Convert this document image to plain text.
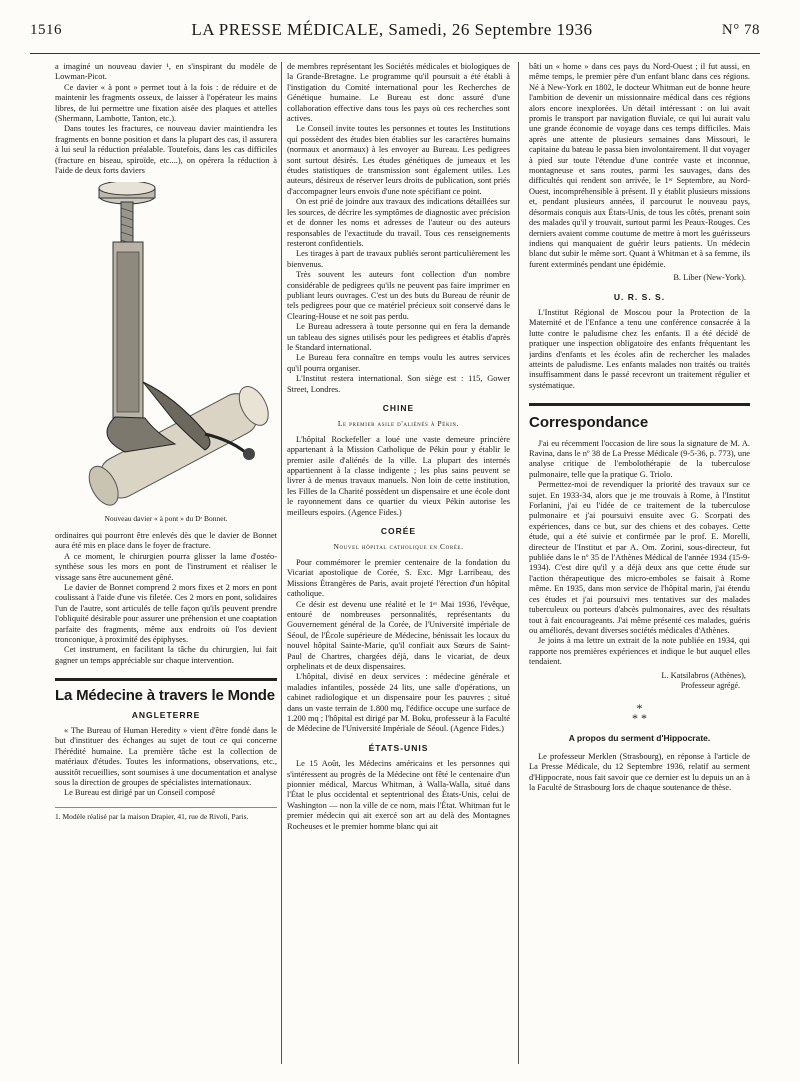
1516	LA PRESSE MÉDICALE, Samedi, 26 Septembre 1936	N° 78

a imaginé un nouveau davier ¹, en s'inspirant du modèle de Lowman-Picot.

Ce davier « à pont » permet tout à la fois : de réduire et de maintenir les fragments osseux, de laisser à l'opérateur les mains libres, de lui permettre une fixation aisée des plaques et attelles (Shermann, Lambotte, Tanton, etc.).

Dans toutes les fractures, ce nouveau davier maintiendra les fragments en bonne position et dans la plupart des cas, il assurera à lui seul la réduction préalable. Toutefois, dans les cas difficiles (fracture en biseau, spiroïde, etc....), on opérera la réduction à l'aide de deux forts daviers

Nouveau davier « à pont » du Dʳ Bonnet.

ordinaires qui pourront être enlevés dès que le davier de Bonnet aura été mis en place dans le foyer de fracture.

A ce moment, le chirurgien pourra glisser la lame d'ostéo-synthèse sous les mors en pont de l'instrument et réaliser le vissage sans être aucunement gêné.

Le davier de Bonnet comprend 2 mors fixes et 2 mors en pont coulissant à l'aide d'une vis filetée. Ces 2 mors en pont, solidaires l'un de l'autre, sont articulés de telle façon qu'ils peuvent prendre l'obliquité désirable pour assurer une préhension et une coaptation parfaite des fragments, même aux endroits où l'os devient tronconique, à proximité des épiphyses.

Cet instrument, en facilitant la tâche du chirurgien, lui fait gagner un temps appréciable sur chaque intervention.

La Médecine à travers le Monde
ANGLETERRE

« The Bureau of Human Heredity » vient d'être fondé dans le but d'instituer des échanges au sujet de tout ce qui concerne l'hérédité humaine. La première tâche est la collection de matériaux d'études. Toutes les informations, observations, etc., aussitôt recueillies, sont soumises à une documentation et analyse sous la direction de groupes de spécialistes internationaux.

Le Bureau est dirigé par un Conseil composé

1. Modèle réalisé par la maison Drapier, 41, rue de Rivoli, Paris.

de membres représentant les Sociétés médicales et biologiques de la Grande-Bretagne. Le programme qu'il poursuit a été établi à l'instigation du Comité international pour les Recherches de Génétique humaine. Le Bureau est donc assuré d'une collaboration effective dans tous les pays où ces recherches sont actives.

Le Conseil invite toutes les personnes et toutes les Institutions qui possèdent des études bien établies sur les caractères humains (normaux et anormaux) à les envoyer au Bureau. Les pedigrees sont surtout désirés. Les études génétiques de jumeaux et les études statistiques de transmission sont également utiles. Les auteurs, désireux de réserver leurs droits de publication, sont priés d'accompagner leurs envois d'une note spécifiant ce point.

On est prié de joindre aux travaux des indications détaillées sur les sources, de décrire les symptômes de diagnostic avec précision et de donner les noms et adresses de l'auteur ou des auteurs responsables de l'exactitude du travail. Tous ces renseignements resteront confidentiels.

Les tirages à part de travaux publiés seront particulièrement les bienvenus.

Très souvent les auteurs font collection d'un nombre considérable de pedigrees qu'ils ne peuvent pas faire imprimer en publiant leurs ouvrages. C'est un des buts du Bureau de réunir de tels pedigrees pour que ce matériel précieux soit conservé dans le Clearing-House et ne soit pas perdu.

Le Bureau adressera à toute personne qui en fera la demande un tableau des signes utilisés pour les pedigrees et établis d'après le Standard international.

Le Bureau fera connaître en temps voulu les autres services qu'il pourra organiser.

L'Institut restera international. Son siège est : 115, Gower Street, Londres.

CHINE
Le premier asile d'aliénés à Pékin.

L'hôpital Rockefeller a loué une vaste demeure princière appartenant à la Mission Catholique de Pékin pour y établir le premier asile d'aliénés de la ville. La plupart des internés appartiennent à la classe indigente ; les plus sains peuvent se livrer à de menus travaux manuels. Non loin de cette institution, les Filles de la Charité possèdent un dispensaire et une école dont le rayonnement dans ce quartier du vieux Pékin autorise les meilleurs espoirs. (Agence Fides.)

CORÉE
Nouvel hôpital catholique en Corée.

Pour commémorer le premier centenaire de la fondation du Vicariat apostolique de Corée, S. Exc. Mgr Larribeau, des Missions Étrangères de Paris, avait projeté l'érection d'un hôpital catholique.

Ce désir est devenu une réalité et le 1ᵉʳ Mai 1936, l'évêque, entouré de nombreuses personnalités, représentants du Gouvernement général de la Corée, de l'Université impériale de Séoul, de l'École supérieure de Médecine, bénissait les locaux du nouvel hôpital Sainte-Marie, qu'il confiait aux Sœurs de Saint-Paul de Chartres, chargées déjà, dans le vicariat, de deux orphelinats et de deux dispensaires.

L'hôpital, divisé en deux services : médecine générale et maladies infantiles, possède 24 lits, une salle d'opérations, un cabinet radiologique et un dispensaire pour les pauvres ; situé dans un vaste terrain de 1.800 mq, l'édifice occupe une surface de 1.200 mq ; l'hôpital est dirigé par M. Boku, professeur à la Faculté de Médecine de l'Université Impériale de Séoul. (Agence Fides.)

ÉTATS-UNIS

Le 15 Août, les Médecins américains et les personnes qui s'intéressent au progrès de la Médecine ont fêté le centenaire d'un pionnier médical, Marcus Whitman, à Walla-Walla, situé dans l'État le plus occidental et septentrional des États-Unis, celui de Washington — non la ville de ce nom, mais l'État. Whitman fut le premier médecin qui ait exercé son art au delà des Montagnes Rocheuses et le premier homme blanc qui ait

bâti un « home » dans ces pays du Nord-Ouest ; il fut aussi, en même temps, le premier père d'un enfant blanc dans ces régions. Né à New-York en 1802, le docteur Whitman eut de bonne heure l'ambition de devenir un missionnaire médical dans ces régions alors encore inexplorées. Un détail intéressant : on lui avait promis le transport par navigation fluviale, ce qui lui aurait valu une grande économie de voyage dans ces temps difficiles. Mais après une attente de plusieurs semaines dans Missouri, le capitaine du bateau le passa bien involontairement. Il dut voyager à pied sur toute l'étendue d'une contrée vaste et inconnue, montagneuse et sans routes, parmi les sauvages, dans des difficultés qui rendent son arrivée, le 1ᵉʳ Septembre, au Nord-Ouest, incompréhensible à présent. Il y établit plusieurs missions et, pendant plusieurs années, il parcourut le nouveau pays, désormais conquis aux États-Unis, de tous les côtés, prenant soin des malades qu'il y trouvait, surtout parmi les Peaux-Rouges. Ces derniers avaient comme coutume de mettre à mort les guérisseurs indiens qui manquaient de guérir leurs patients. Un médecin blanc dut subir le même sort. Quant à Whitman et à sa femme, ils furent exterminés pendant une épidémie.

B. Liber (New-York).
U. R. S. S.

L'Institut Régional de Moscou pour la Protection de la Maternité et de l'Enfance a tenu une conférence consacrée à la lutte contre le paludisme chez les enfants. Il a été décidé de pratiquer une inspection obligatoire des enfants fréquentant les jardins d'enfants et les écoles afin de rechercher les malades atteints de paludisme. Les enfants malades non traités ou traités insuffisamment dans le passé recevront un traitement régulier et systématique.

Correspondance

J'ai eu récemment l'occasion de lire sous la signature de M. A. Ravina, dans le nº 38 de La Presse Médicale (9-5-36, p. 773), une analyse critique de l'embolothérapie de la tuberculose pulmonaire, telle que la pratique G. Triolo.

Permettez-moi de revendiquer la priorité des travaux sur ce sujet. En 1933-34, alors que je me trouvais à Rome, à l'Institut Forlanini, j'ai eu l'idée de ce traitement de la tuberculose pulmonaire et j'ai poursuivi ensuite avec G. Scorpati des expériences, dans ce but, sur des chiens et des cobayes. Cette étude, qui a été suivie et confirmée par le prof. E. Morelli, directeur de l'Institut et par A. Om. Zorini, sous-directeur, fut publiée dans le nº 35 de l'Athènes Médical de l'année 1934 (15-9-1934). C'est dire qu'il y a déjà deux ans que cette étude sur l'action thérapeutique des micro-emboles se faisait à Rome même. En 1935, dans mon service de l'hôpital marin, j'ai étendu ces études et j'ai poursuivi mes tentatives sur des malades tuberculeux ou porteurs d'abcès pulmonaires, avec des résultats tout à fait encourageants. J'ai même présenté ces malades, guéris ou améliorés, devant diverses sociétés médicales d'Athènes.

Je joins à ma lettre un extrait de la note publiée en 1934, qui rapporte nos premières expériences et indique le but auquel elles tendaient.

L. Katsilabros (Athènes),
Professeur agrégé.
*
* *
A propos du serment d'Hippocrate.

Le professeur Merklen (Strasbourg), en réponse à l'article de La Presse Médicale, du 12 Septembre 1936, relatif au serment d'Hippocrate, nous fait savoir que ce dernier est lu depuis un an à la Faculté de Strasbourg lors de chaque soutenance de thèse.
